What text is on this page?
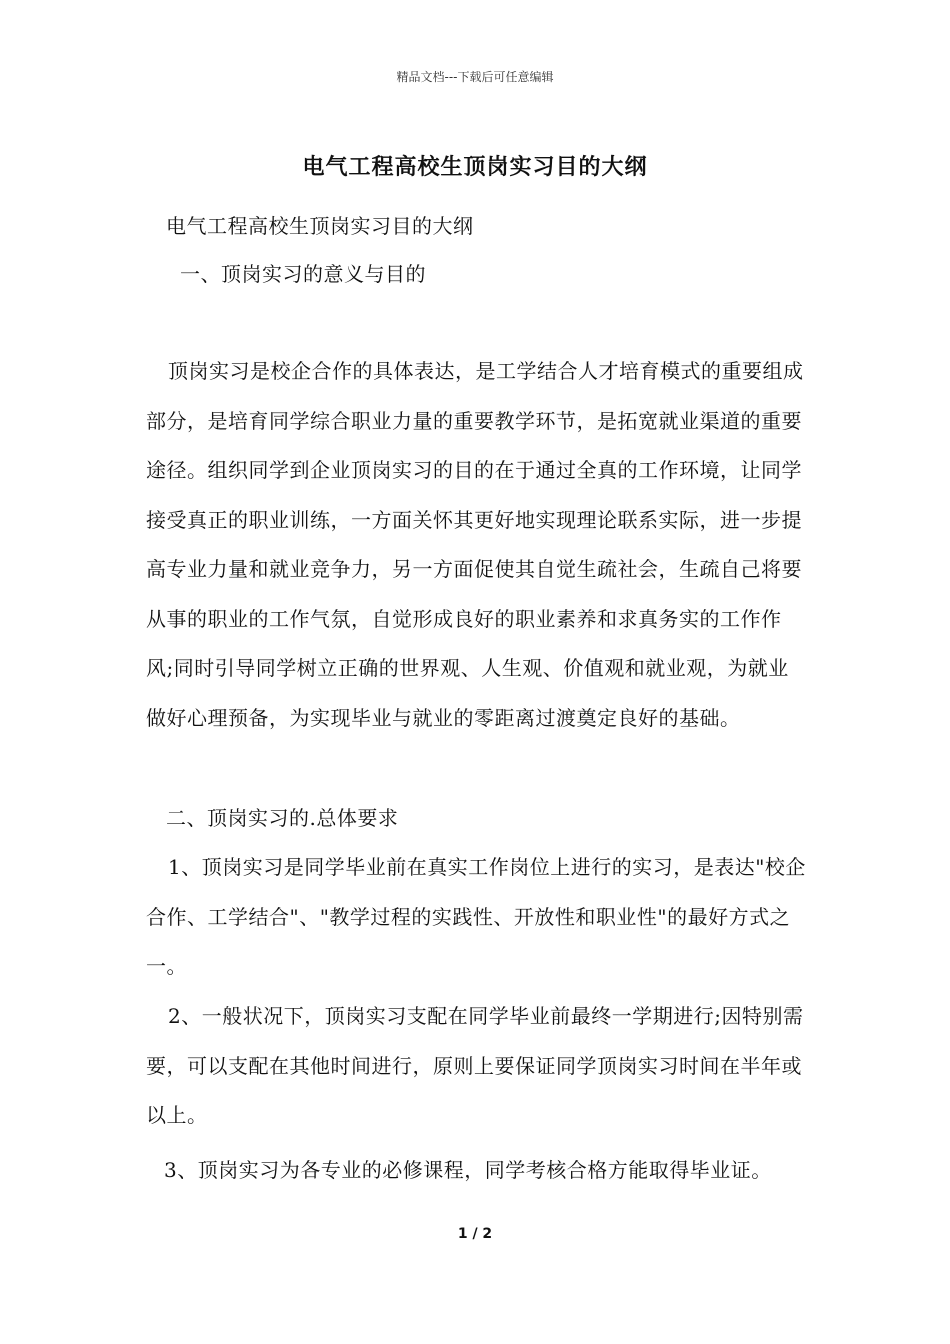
精品文档---下载后可任意编辑
电气工程高校生顶岗实习目的大纲
电气工程高校生顶岗实习目的大纲
一、顶岗实习的意义与目的

顶岗实习是校企合作的具体表达，是工学结合人才培育模式的重要组成部分，是培育同学综合职业力量的重要教学环节，是拓宽就业渠道的重要途径。组织同学到企业顶岗实习的目的在于通过全真的工作环境，让同学接受真正的职业训练，一方面关怀其更好地实现理论联系实际，进一步提高专业力量和就业竞争力，另一方面促使其自觉生疏社会，生疏自己将要从事的职业的工作气氛，自觉形成良好的职业素养和求真务实的工作作风;同时引导同学树立正确的世界观、人生观、价值观和就业观，为就业做好心理预备，为实现毕业与就业的零距离过渡奠定良好的基础。

二、顶岗实习的.总体要求

1、顶岗实习是同学毕业前在真实工作岗位上进行的实习，是表达"校企合作、工学结合"、"教学过程的实践性、开放性和职业性"的最好方式之一。

2、一般状况下，顶岗实习支配在同学毕业前最终一学期进行;因特别需要，可以支配在其他时间进行，原则上要保证同学顶岗实习时间在半年或以上。

3、顶岗实习为各专业的必修课程，同学考核合格方能取得毕业证。
1 / 2
